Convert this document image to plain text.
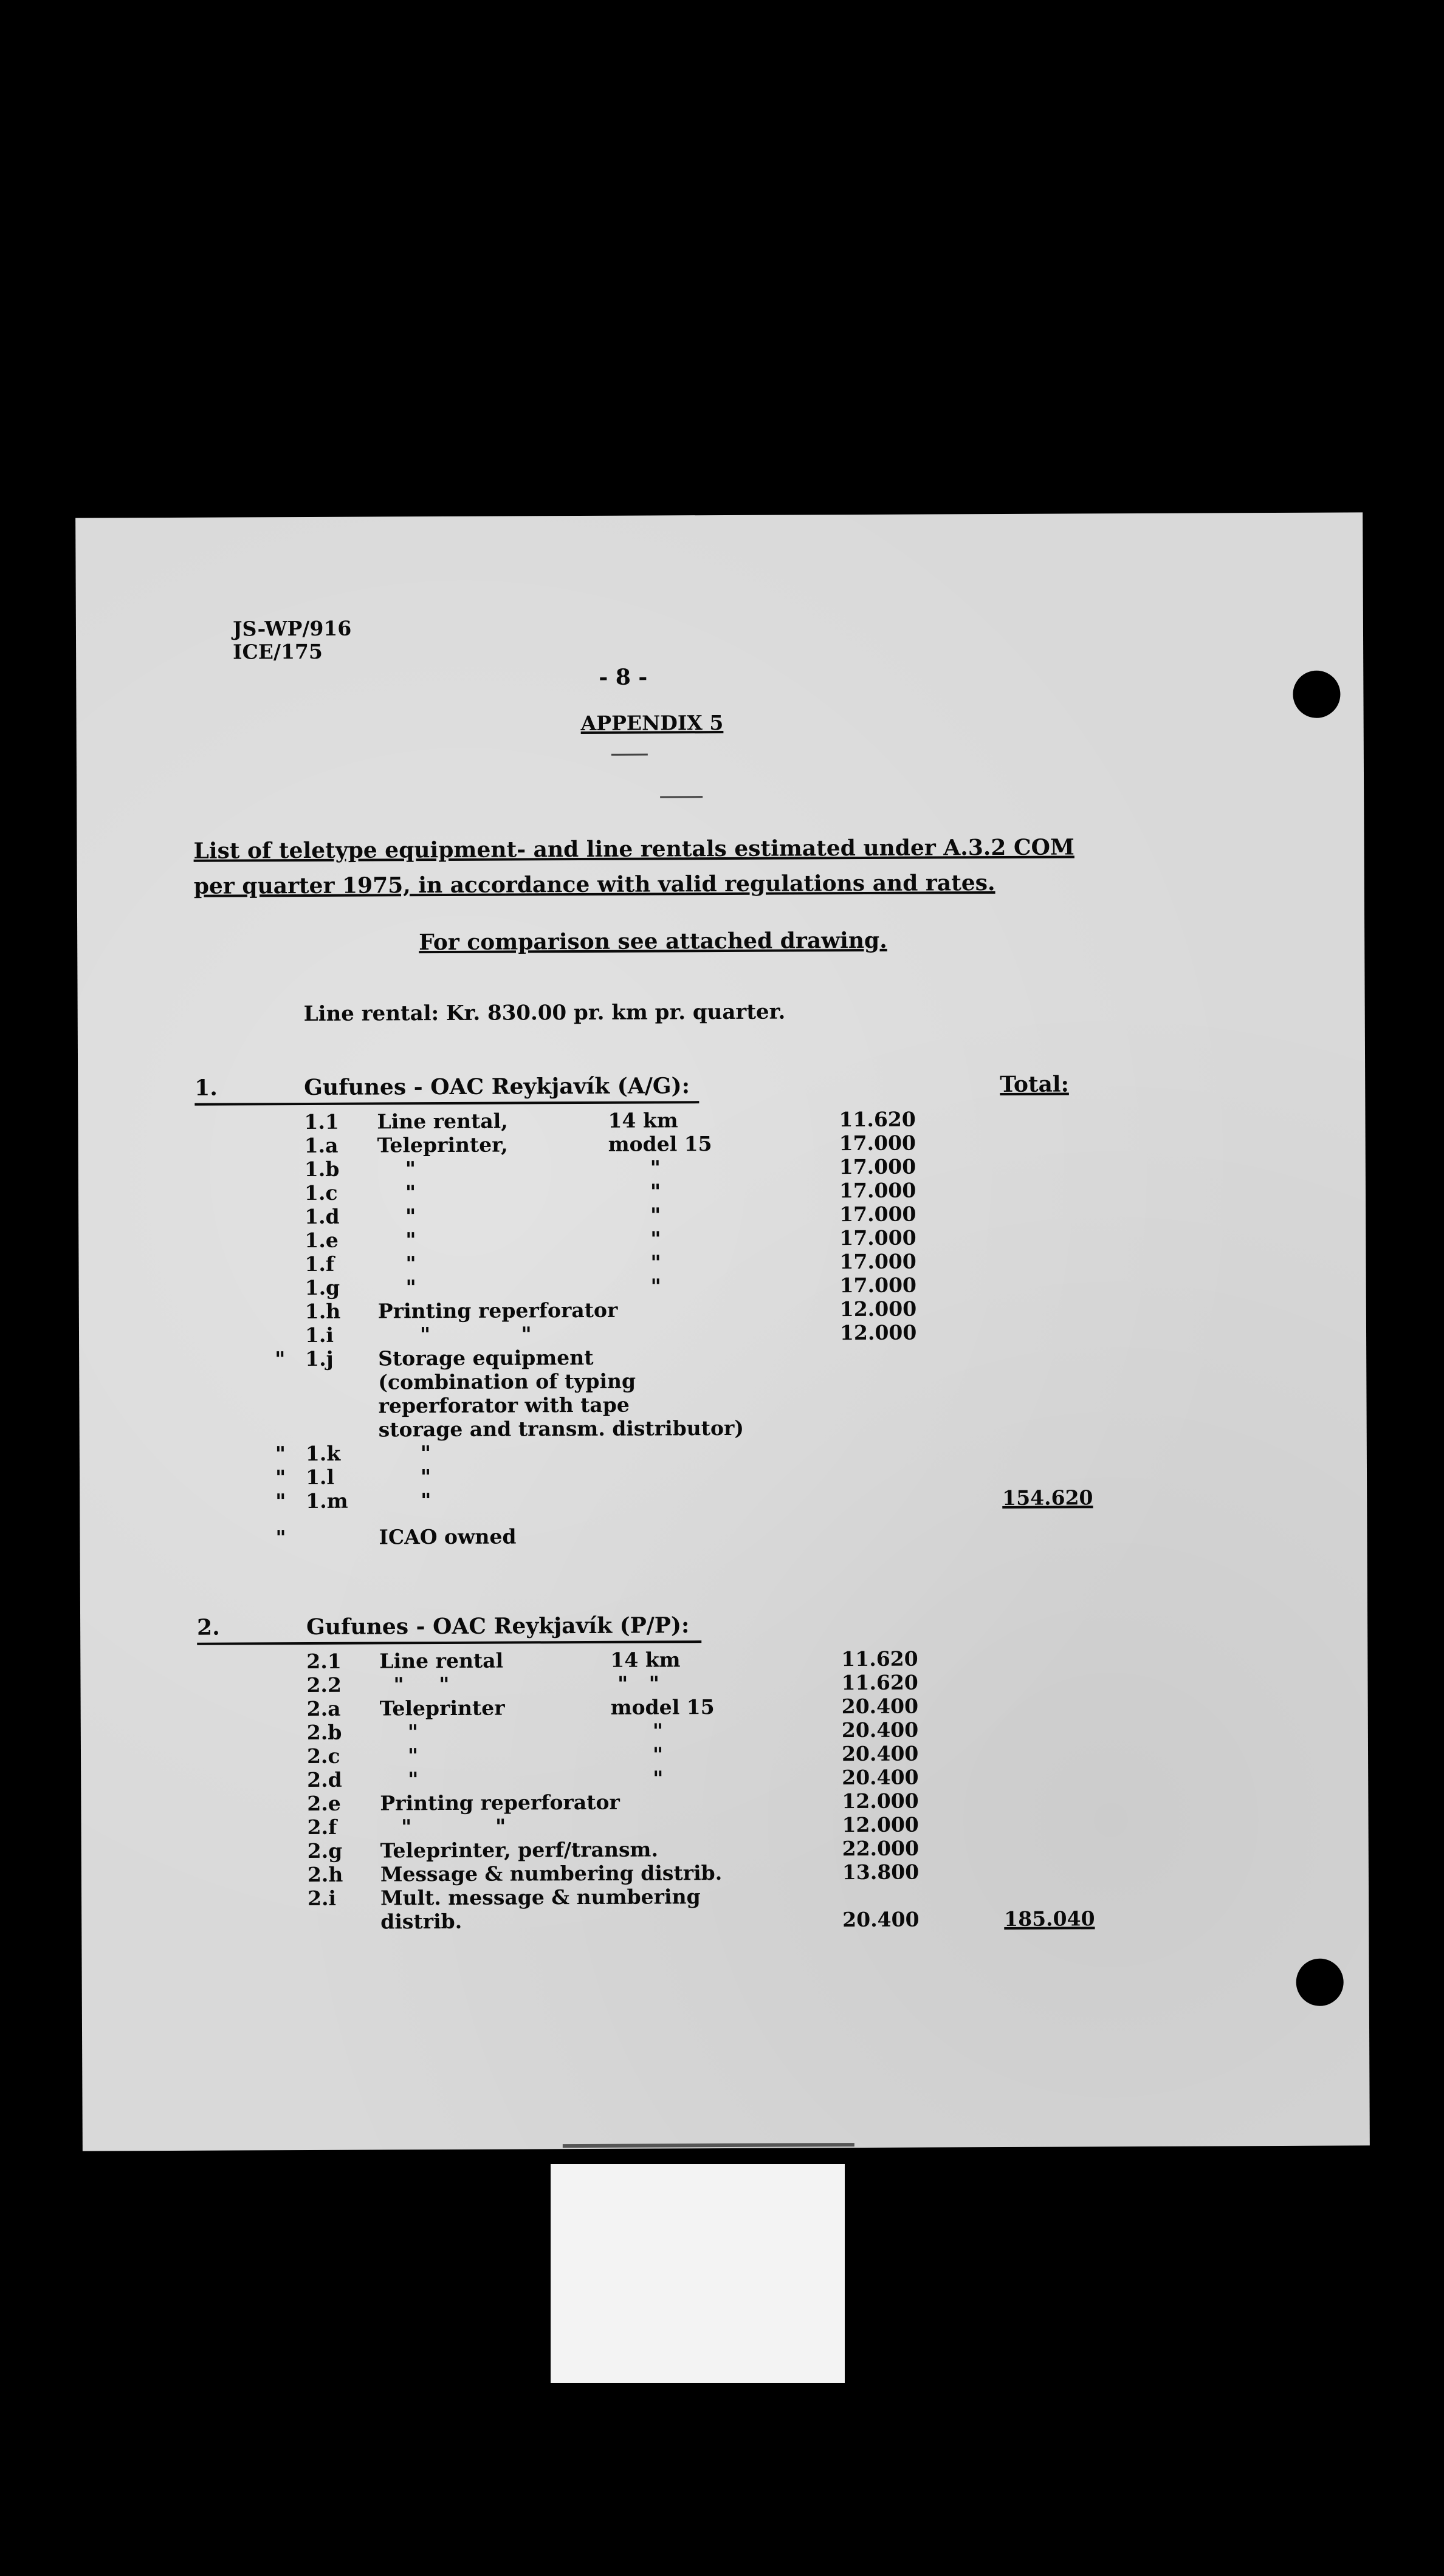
JS-WP/916
ICE/175
- 8 -
APPENDIX 5
List of teletype equipment- and line rentals estimated under A.3.2 COM
per quarter 1975, in accordance with valid regulations and rates.
For comparison see attached drawing.
Line rental: Kr. 830.00 pr. km pr. quarter.
1.	Gufunes - OAC Reykjavík (A/G):	Total:
1.1 Line rental,	14 km	11.620
1.a Teleprinter,	model 15	17.000
1.b "	"	17.000
1.c "	"	17.000
1.d "	"	17.000
1.e "	"	17.000
1.f "	"	17.000
1.g "	"	17.000
1.h Printing reperforator	12.000
1.i "             "	12.000
" 1.j Storage equipment
(combination of typing
reperforator with tape
storage and transm. distributor)
" 1.k "
" 1.l "
" 1.m "	154.620
"	ICAO owned
2.	Gufunes - OAC Reykjavík (P/P):
2.1 Line rental	14 km	11.620
2.2 "     "	"   "	11.620
2.a Teleprinter	model 15	20.400
2.b "	"	20.400
2.c "	"	20.400
2.d "	"	20.400
2.e Printing reperforator	12.000
2.f "            "	12.000
2.g Teleprinter, perf/transm.	22.000
2.h Message & numbering distrib.	13.800
2.i Mult. message & numbering
distrib.	20.400	185.040
